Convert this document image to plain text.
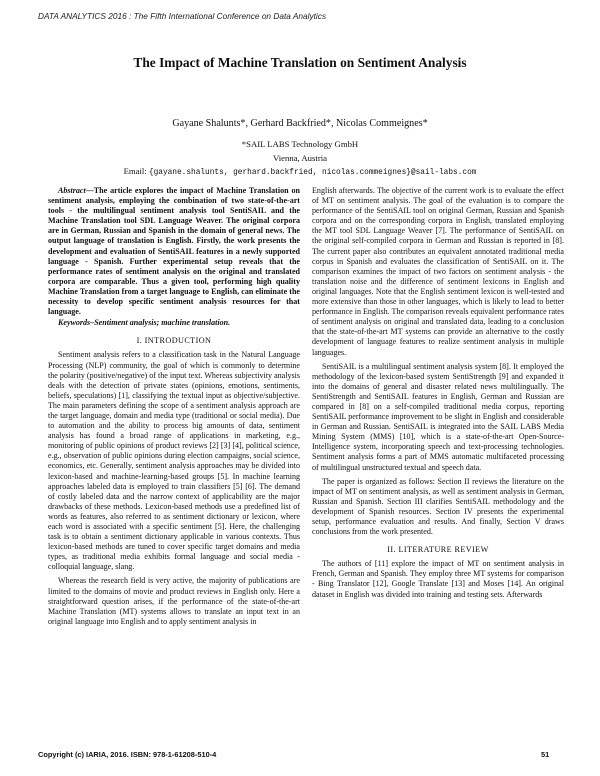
DATA ANALYTICS 2016 : The Fifth International Conference on Data Analytics
The Impact of Machine Translation on Sentiment Analysis
Gayane Shalunts*, Gerhard Backfried*, Nicolas Commeignes*
*SAIL LABS Technology GmbH
Vienna, Austria
Email: {gayane.shalunts, gerhard.backfried, nicolas.commeignes}@sail-labs.com

Abstract—The article explores the impact of Machine Translation on sentiment analysis, employing the combination of two state-of-the-art tools - the multilingual sentiment analysis tool SentiSAIL and the Machine Translation tool SDL Language Weaver. The original corpora are in German, Russian and Spanish in the domain of general news. The output language of translation is English. Firstly, the work presents the development and evaluation of SentiSAIL features in a newly supported language - Spanish. Further experimental setup reveals that the performance rates of sentiment analysis on the original and translated corpora are comparable. Thus a given tool, performing high quality Machine Translation from a target language to English, can eliminate the necessity to develop specific sentiment analysis resources for that language.

Keywords–Sentiment analysis; machine translation.

I. INTRODUCTION

Sentiment analysis refers to a classification task in the Natural Language Processing (NLP) community, the goal of which is commonly to determine the polarity (positive/negative) of the input text. Whereas subjectivity analysis deals with the detection of private states (opinions, emotions, sentiments, beliefs, speculations) [1], classifying the textual input as objective/subjective. The main parameters defining the scope of a sentiment analysis approach are the target language, domain and media type (traditional or social media). Due to automation and the ability to process big amounts of data, sentiment analysis has found a broad range of applications in marketing, e.g., monitoring of public opinions of product reviews [2] [3] [4], political science, e.g., observation of public opinions during election campaigns, social science, economics, etc. Generally, sentiment analysis approaches may be divided into lexicon-based and machine-learning-based groups [5]. In machine learning approaches labeled data is employed to train classifiers [5] [6]. The demand of costly labeled data and the narrow context of applicability are the major drawbacks of these methods. Lexicon-based methods use a predefined list of words as features, also referred to as sentiment dictionary or lexicon, where each word is associated with a specific sentiment [5]. Here, the challenging task is to obtain a sentiment dictionary applicable in various contexts. Thus lexicon-based methods are tuned to cover specific target domains and media types, as traditional media exhibits formal language and social media - colloquial language, slang.

Whereas the research field is very active, the majority of publications are limited to the domains of movie and product reviews in English only. Here a straightforward question arises, if the performance of the state-of-the-art Machine Translation (MT) systems allows to translate an input text in an original language into English and to apply sentiment analysis in

English afterwards. The objective of the current work is to evaluate the effect of MT on sentiment analysis. The goal of the evaluation is to compare the performance of the SentiSAIL tool on original German, Russian and Spanish corpora and on the corresponding corpora in English, translated employing the MT tool SDL Language Weaver [7]. The performance of SentiSAIL on the original self-compiled corpora in German and Russian is reported in [8]. The current paper also contributes an equivalent annotated traditional media corpus in Spanish and evaluates the classification of SentiSAIL on it. The comparison examines the impact of two factors on sentiment analysis - the translation noise and the difference of sentiment lexicons in English and original languages. Note that the English sentiment lexicon is well-tested and more extensive than those in other languages, which is likely to lead to better performance in English. The comparison reveals equivalent performance rates of sentiment analysis on original and translated data, leading to a conclusion that the state-of-the-art MT systems can provide an alternative to the costly development of language features to realize sentiment analysis in multiple languages.

SentiSAIL is a multilingual sentiment analysis system [8]. It employed the methodology of the lexicon-based system SentiStrength [9] and expanded it into the domains of general and disaster related news multilingually. The SentiStrength and SentiSAIL features in English, German and Russian are compared in [8] on a self-compiled traditional media corpus, reporting SentiSAIL performance improvement to be slight in English and considerable in German and Russian. SentiSAIL is integrated into the SAIL LABS Media Mining System (MMS) [10], which is a state-of-the-art Open-Source-Intelligence system, incorporating speech and text-processing technologies. Sentiment analysis forms a part of MMS automatic multifaceted processing of multilingual unstructured textual and speech data.

The paper is organized as follows: Section II reviews the literature on the impact of MT on sentiment analysis, as well as sentiment analysis in German, Russian and Spanish. Section III clarifies SentiSAIL methodology and the development of Spanish resources. Section IV presents the experimental setup, performance evaluation and results. And finally, Section V draws conclusions from the work presented.

II. LITERATURE REVIEW

The authors of [11] explore the impact of MT on sentiment analysis in French, German and Spanish. They employ three MT systems for comparison - Bing Translator [12], Google Translate [13] and Moses [14]. An original dataset in English was divided into training and testing sets. Afterwards

Copyright (c) IARIA, 2016. ISBN: 978-1-61208-510-4	51
